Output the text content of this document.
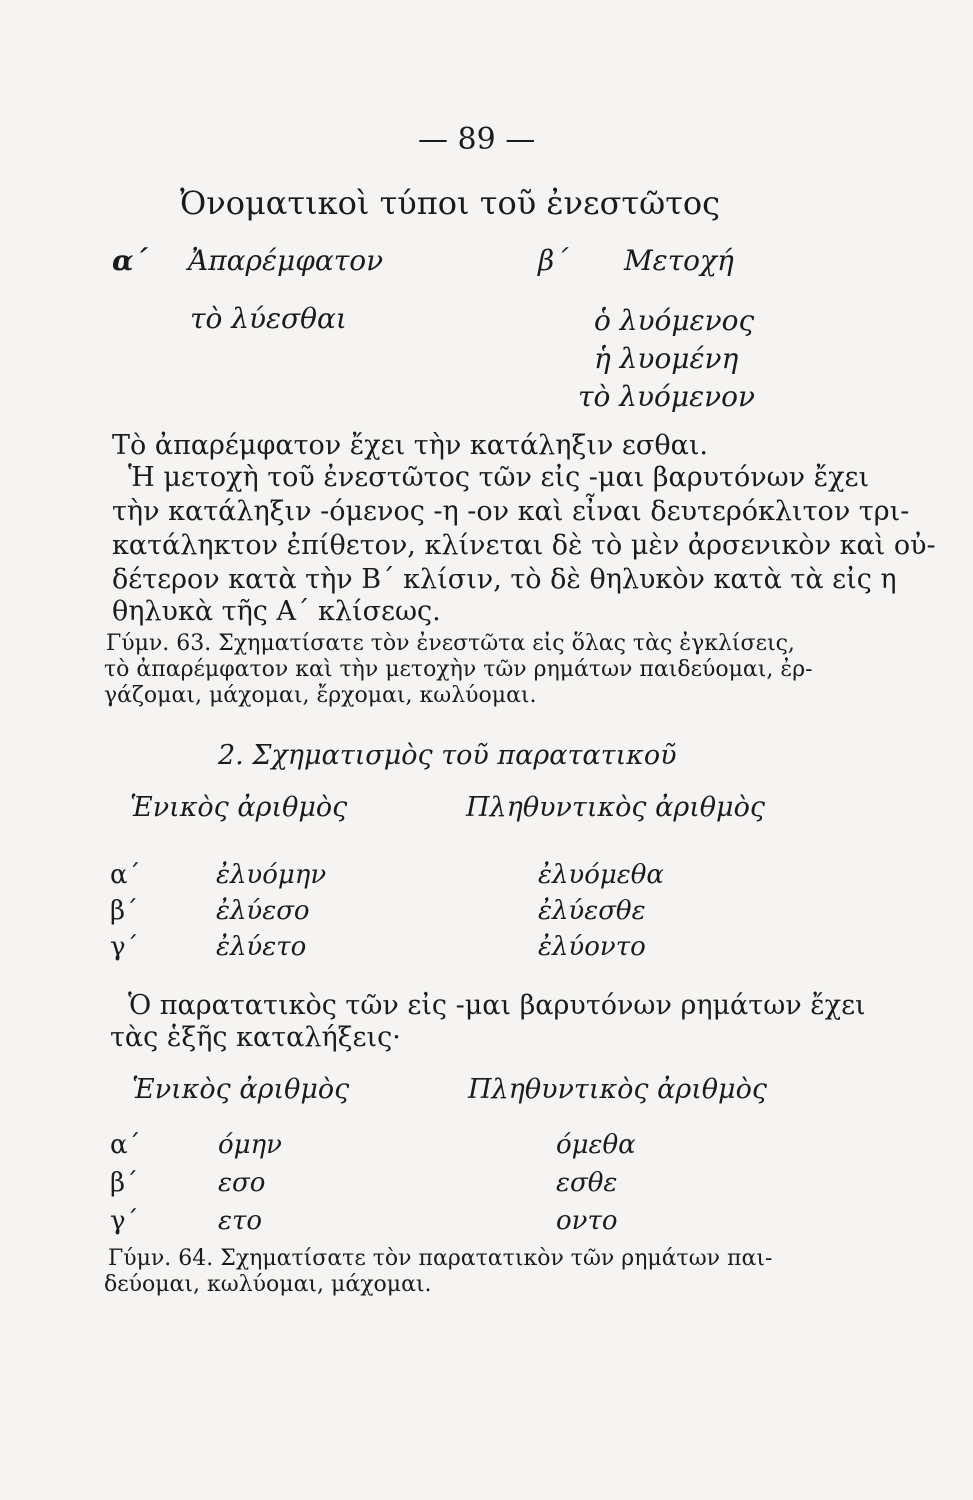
— 89 —
Ὀνοματικοὶ τύποι τοῦ ἐνεστῶτος
α΄ Ἀπαρέμφατον	β΄ Μετοχή
τὸ λύεσθαι	ὁ λυόμενος
ἡ λυομένη
τὸ λυόμενον
Τὸ ἀπαρέμφατον ἔχει τὴν κατάληξιν εσθαι.
Ἡ μετοχὴ τοῦ ἐνεστῶτος τῶν εἰς -μαι βαρυτόνων ἔχει
τὴν κατάληξιν -όμενος -η -ον καὶ εἶναι δευτερόκλιτον τρι-
κατάληκτον ἐπίθετον, κλίνεται δὲ τὸ μὲν ἀρσενικὸν καὶ οὐ-
δέτερον κατὰ τὴν Β΄ κλίσιν, τὸ δὲ θηλυκὸν κατὰ τὰ εἰς η
θηλυκὰ τῆς Α΄ κλίσεως.
Γύμν. 63. Σχηματίσατε τὸν ἐνεστῶτα εἰς ὅλας τὰς ἐγκλίσεις,
τὸ ἀπαρέμφατον καὶ τὴν μετοχὴν τῶν ρημάτων παιδεύομαι, ἐρ-
γάζομαι, μάχομαι, ἔρχομαι, κωλύομαι.
2. Σχηματισμὸς τοῦ παρατατικοῦ
Ἑνικὸς ἀριθμὸς	Πληθυντικὸς ἀριθμὸς
α΄	ἐλυόμην	ἐλυόμεθα
β΄	ἐλύεσο	ἐλύεσθε
γ΄	ἐλύετο	ἐλύοντο
Ὁ παρατατικὸς τῶν εἰς -μαι βαρυτόνων ρημάτων ἔχει
τὰς ἑξῆς καταλήξεις·
Ἑνικὸς ἀριθμὸς	Πληθυντικὸς ἀριθμὸς
α΄	όμην	όμεθα
β΄	εσο	εσθε
γ΄	ετο	οντο
Γύμν. 64. Σχηματίσατε τὸν παρατατικὸν τῶν ρημάτων παι-
δεύομαι, κωλύομαι, μάχομαι.
